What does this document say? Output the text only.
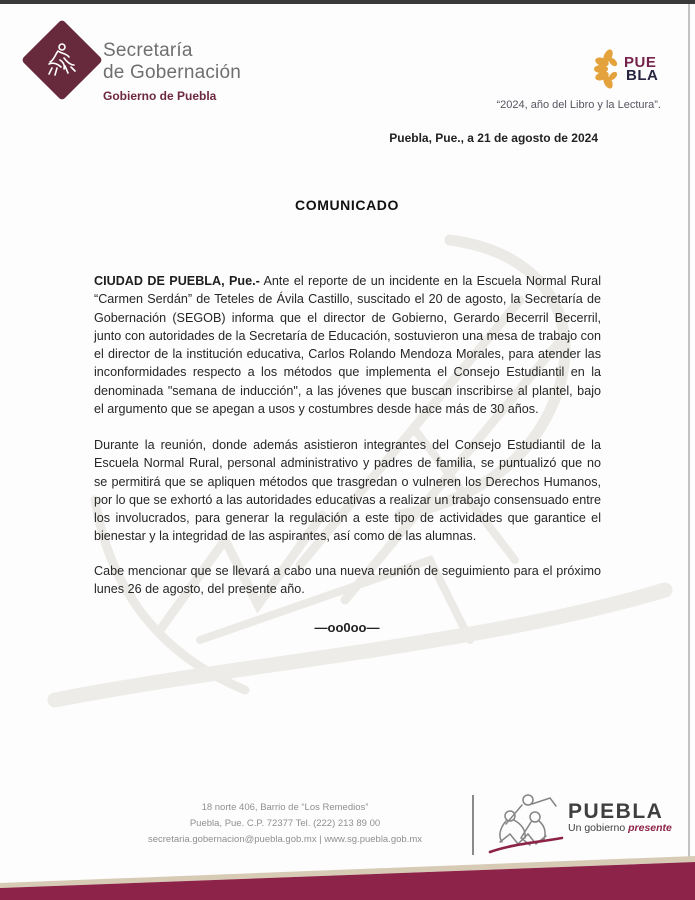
Secretaría
de Gobernación
Gobierno de Puebla
PUE
BLA
“2024, año del Libro y la Lectura”.
Puebla, Pue., a 21 de agosto de 2024
COMUNICADO
CIUDAD DE PUEBLA, Pue.- Ante el reporte de un incidente en la Escuela Normal Rural “Carmen Serdán” de Teteles de Ávila Castillo, suscitado el 20 de agosto, la Secretaría de Gobernación (SEGOB) informa que el director de Gobierno, Gerardo Becerril Becerril, junto con autoridades de la Secretaría de Educación, sostuvieron una mesa de trabajo con el director de la institución educativa, Carlos Rolando Mendoza Morales, para atender las inconformidades respecto a los métodos que implementa el Consejo Estudiantil en la denominada "semana de inducción", a las jóvenes que buscan inscribirse al plantel, bajo el argumento que se apegan a usos y costumbres desde hace más de 30 años.
Durante la reunión, donde además asistieron integrantes del Consejo Estudiantil de la Escuela Normal Rural, personal administrativo y padres de familia, se puntualizó que no se permitirá que se apliquen métodos que trasgredan o vulneren los Derechos Humanos, por lo que se exhortó a las autoridades educativas a realizar un trabajo consensuado entre los involucrados, para generar la regulación a este tipo de actividades que garantice el bienestar y la integridad de las aspirantes, así como de las alumnas.
Cabe mencionar que se llevará a cabo una nueva reunión de seguimiento para el próximo lunes 26 de agosto, del presente año.
—oo0oo—
18 norte 406, Barrio de “Los Remedios”
Puebla, Pue. C.P. 72377 Tel. (222) 213 89 00
secretaria.gobernacion@puebla.gob.mx | www.sg.puebla.gob.mx
PUEBLA
Un gobierno presente
